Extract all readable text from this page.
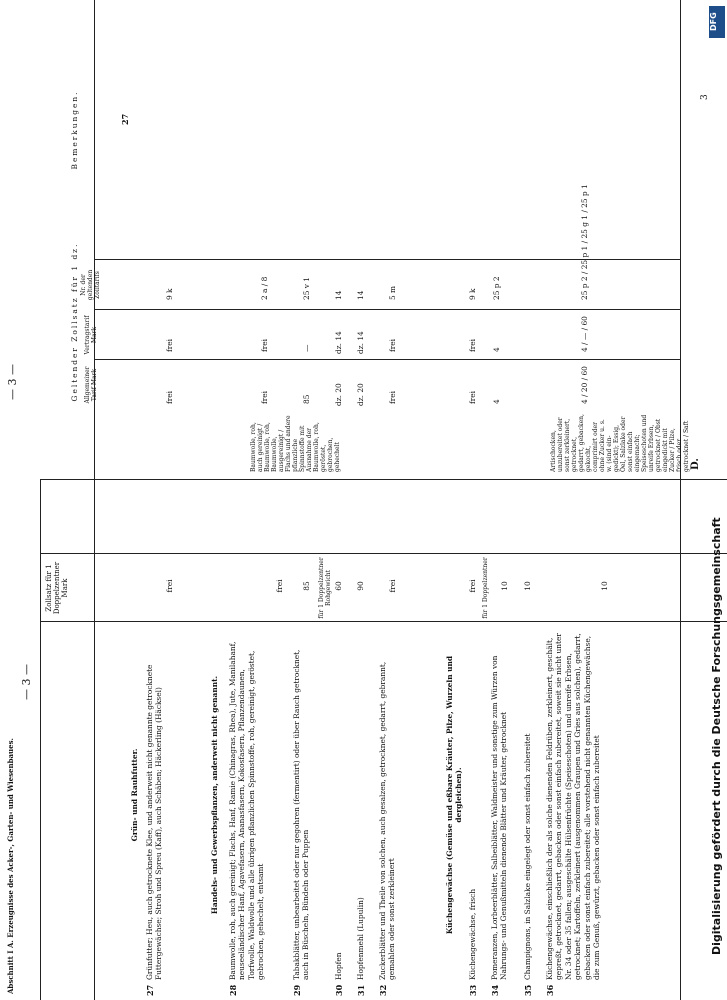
Abschnitt I A. Erzeugnisse des Acker-, Garten- und Wiesenbaues.
— 3 —
— 3 —
27
Zollsatz für 1 Doppelzentner Mark
Grün- und Rauhfutter.	Handels- und Gewerbspflanzen, anderweit nicht genannt.
27
Grünfutter; Heu, auch getrocknete Klee, und anderweit nicht genannte getrocknete Futtergewächse; Stroh und Spreu (Kaff), auch Schäben; Häckerling (Häcksel)
frei
28
Baumwolle, roh, auch gereinigt; Flachs, Hanf, Ramie (Chinagras, Rhea), Jute, Manilahanf, neuseeländischer Hanf, Agavefasern, Ananasfasern, Kokosfasern, Pflanzendaunen, Torfwolle, Waldwolle und alle übrigen pflanzlichen Spinnstoffe, roh, gereinigt, geröstet, gebrochen, gehechelt, entsamt
frei
29
Tabakblätter, unbearbeitet oder nur gegohren (fermentirt) oder über Rauch getrocknet, auch in Büscheln, Bündeln oder Puppen
85
30
Hopfen
für 1 Doppelzentner Rohgewicht 60
31
Hopfenmehl (Lupulin)
90
32
Zuckerblätter und Theile von solchen, auch gesalzen, getrocknet, gedarrt, gebrannt, gemahlen oder sonst zerkleinert
frei
Küchengewächse (Gemüse und eßbare Kräuter, Pilze, Wurzeln und dergleichen).
33
Küchengewächse, frisch
frei
34
Pomeranzen, Lorbeerblätter, Salbeiblätter, Waldmeister und sonstige zum Würzen von Nahrungs- und Genußmitteln dienende Blätter und Kräuter, getrocknet
für 1 Doppelzentner 10
35
Champignons, in Salzlake eingelegt oder sonst einfach zubereitet
10
36
Küchengewächse, einschließlich der als solche dienenden Feldrüben, zerkleinert, geschält, gepreßt, getrocknet, gedarrt, gebacken oder sonst einfach zubereitet, soweit sie nicht unter Nr. 34 oder 35 fallen; ausgeschälte Hülsenfrüchte (Speiseschoten) und unreife Erbsen, getrocknet; Kartoffeln, zerkleinert (ausgenommen Graupen und Gries aus solchen), gedarrt, gebacken oder sonst einfach zubereitet; alle vorstehend nicht genannten Küchengewächse, die zum Genuß, gewürzt, gebacken oder sonst einfach zubereitet
10
Geltender Zollsatz für 1 dz. Allgemeiner Tarif Mark
Vertragstarif Mark
Nr. der geltenden Zolltarifs
Bemerkungen.
frei
frei
9 k
Baumwolle, roh, auch gereinigt / Baumwolle, roh, Baumwolle, ausgereinigt / Flachs und andere pflanzliche Spinnstoffe mit Ausnahme der Baumwolle, roh, geröstet, gebrochen, gehechelt
frei
frei
2 a / 8
85
—
25 v 1
dz. 20
dz. 14
14
dz. 20
dz. 14
14
frei
frei
5 m
frei
frei
9 k
4
4
25 p 2
Artischocken, unzubereitet oder sonst zerkleinert, getrocknet, gedarrt, gebacken, gekocht, comprimirt oder ohne Zucker u. s. w. (sind ein-gedickt); Essig, Oel, Salzlake oder sonst einfach eingemacht; Speiseschoten und unreife Erbsen, getrocknet / Obst eingedickt mit Zucker / Pilze, frisch oder getrocknet / Saft
4 / 20 / 60
4 / — / 60
25 p 2 / 25 p 1 / 25 g 1 / 25 p 1
D.
3
Digitalisierung gefördert durch die Deutsche Forschungsgemeinschaft
DFG
